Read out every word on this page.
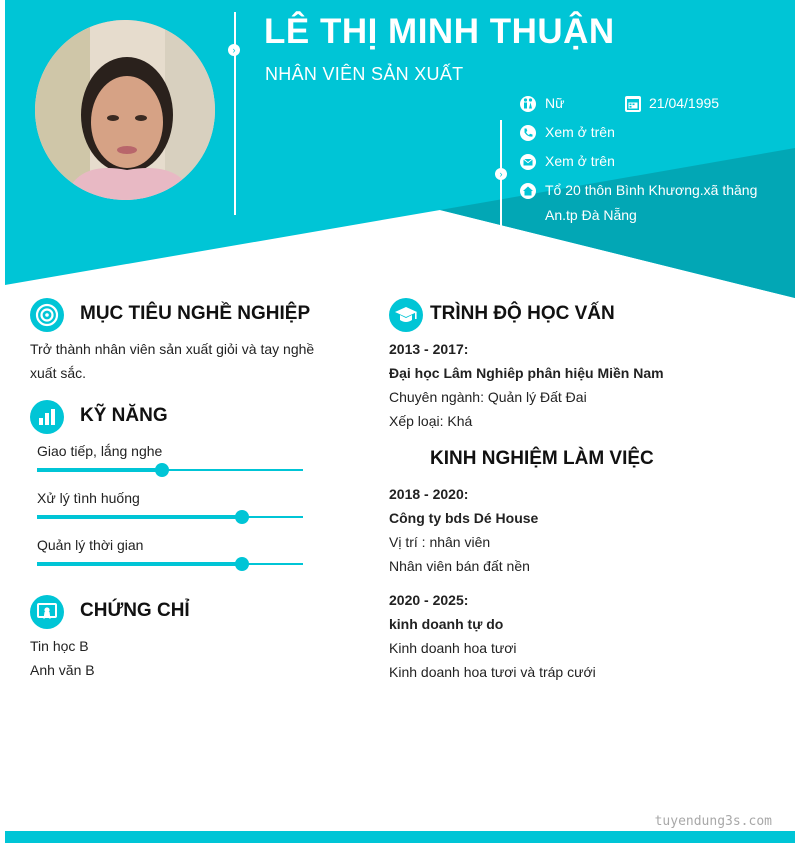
›
›
LÊ THỊ MINH THUẬN
NHÂN VIÊN SẢN XUẤT
Nữ	21/04/1995
Xem ở trên
Xem ở trên
Tổ 20 thôn Bình Khương.xã thăng
An.tp Đà Nẵng
MỤC TIÊU NGHỀ NGHIỆP
Trở thành nhân viên sản xuất giỏi và tay nghề
xuất sắc.
KỸ NĂNG
Giao tiếp, lắng nghe
Xử lý tình huống
Quản lý thời gian
CHỨNG CHỈ
Tin học B
Anh văn B
TRÌNH ĐỘ HỌC VẤN
2013 - 2017:
Đại học Lâm Nghiêp phân hiệu Miền Nam
Chuyên ngành: Quản lý Đất Đai
Xếp loại: Khá
KINH NGHIỆM LÀM VIỆC
2018 - 2020:
Công ty bds Dé House
Vị trí : nhân viên
Nhân viên bán đất nền
2020 - 2025:
kinh doanh tự do
Kinh doanh hoa tươi
Kinh doanh hoa tươi và tráp cưới
tuyendung3s.com
